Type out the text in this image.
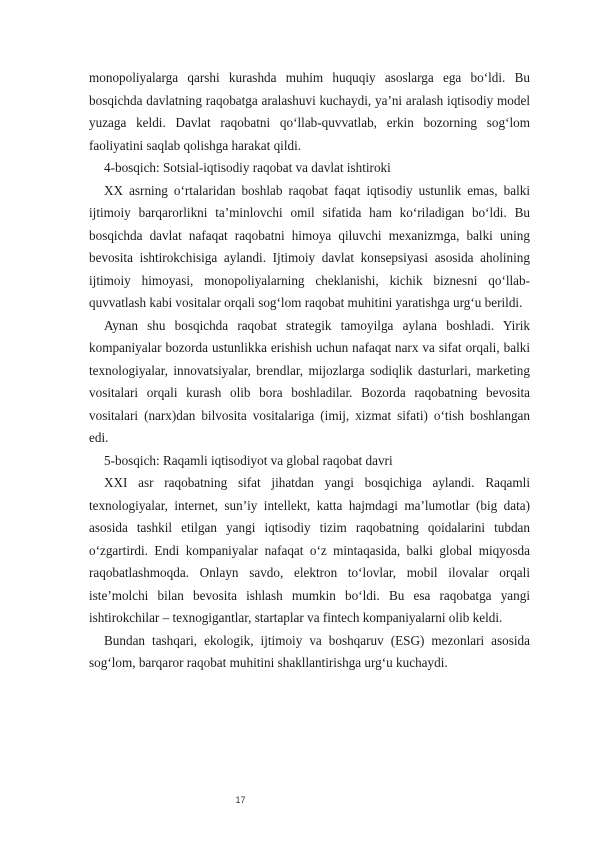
monopoliyalarga qarshi kurashda muhim huquqiy asoslarga ega bo‘ldi. Bu bosqichda davlatning raqobatga aralashuvi kuchaydi, ya’ni aralash iqtisodiy model yuzaga keldi. Davlat raqobatni qo‘llab-quvvatlab, erkin bozorning sog‘lom faoliyatini saqlab qolishga harakat qildi.

4-bosqich: Sotsial-iqtisodiy raqobat va davlat ishtiroki

XX asrning o‘rtalaridan boshlab raqobat faqat iqtisodiy ustunlik emas, balki ijtimoiy barqarorlikni ta’minlovchi omil sifatida ham ko‘riladigan bo‘ldi. Bu bosqichda davlat nafaqat raqobatni himoya qiluvchi mexanizmga, balki uning bevosita ishtirokchisiga aylandi. Ijtimoiy davlat konsepsiyasi asosida aholining ijtimoiy himoyasi, monopoliyalarning cheklanishi, kichik biznesni qo‘llab-quvvatlash kabi vositalar orqali sog‘lom raqobat muhitini yaratishga urg‘u berildi.

Aynan shu bosqichda raqobat strategik tamoyilga aylana boshladi. Yirik kompaniyalar bozorda ustunlikka erishish uchun nafaqat narx va sifat orqali, balki texnologiyalar, innovatsiyalar, brendlar, mijozlarga sodiqlik dasturlari, marketing vositalari orqali kurash olib bora boshladilar. Bozorda raqobatning bevosita vositalari (narx)dan bilvosita vositalariga (imij, xizmat sifati) o‘tish boshlangan edi.

5-bosqich: Raqamli iqtisodiyot va global raqobat davri

XXI asr raqobatning sifat jihatdan yangi bosqichiga aylandi. Raqamli texnologiyalar, internet, sun’iy intellekt, katta hajmdagi ma’lumotlar (big data) asosida tashkil etilgan yangi iqtisodiy tizim raqobatning qoidalarini tubdan o‘zgartirdi. Endi kompaniyalar nafaqat o‘z mintaqasida, balki global miqyosda raqobatlashmoqda. Onlayn savdo, elektron to‘lovlar, mobil ilovalar orqali iste’molchi bilan bevosita ishlash mumkin bo‘ldi. Bu esa raqobatga yangi ishtirokchilar – texnogigantlar, startaplar va fintech kompaniyalarni olib keldi.

Bundan tashqari, ekologik, ijtimoiy va boshqaruv (ESG) mezonlari asosida sog‘lom, barqaror raqobat muhitini shakllantirishga urg‘u kuchaydi.

17
